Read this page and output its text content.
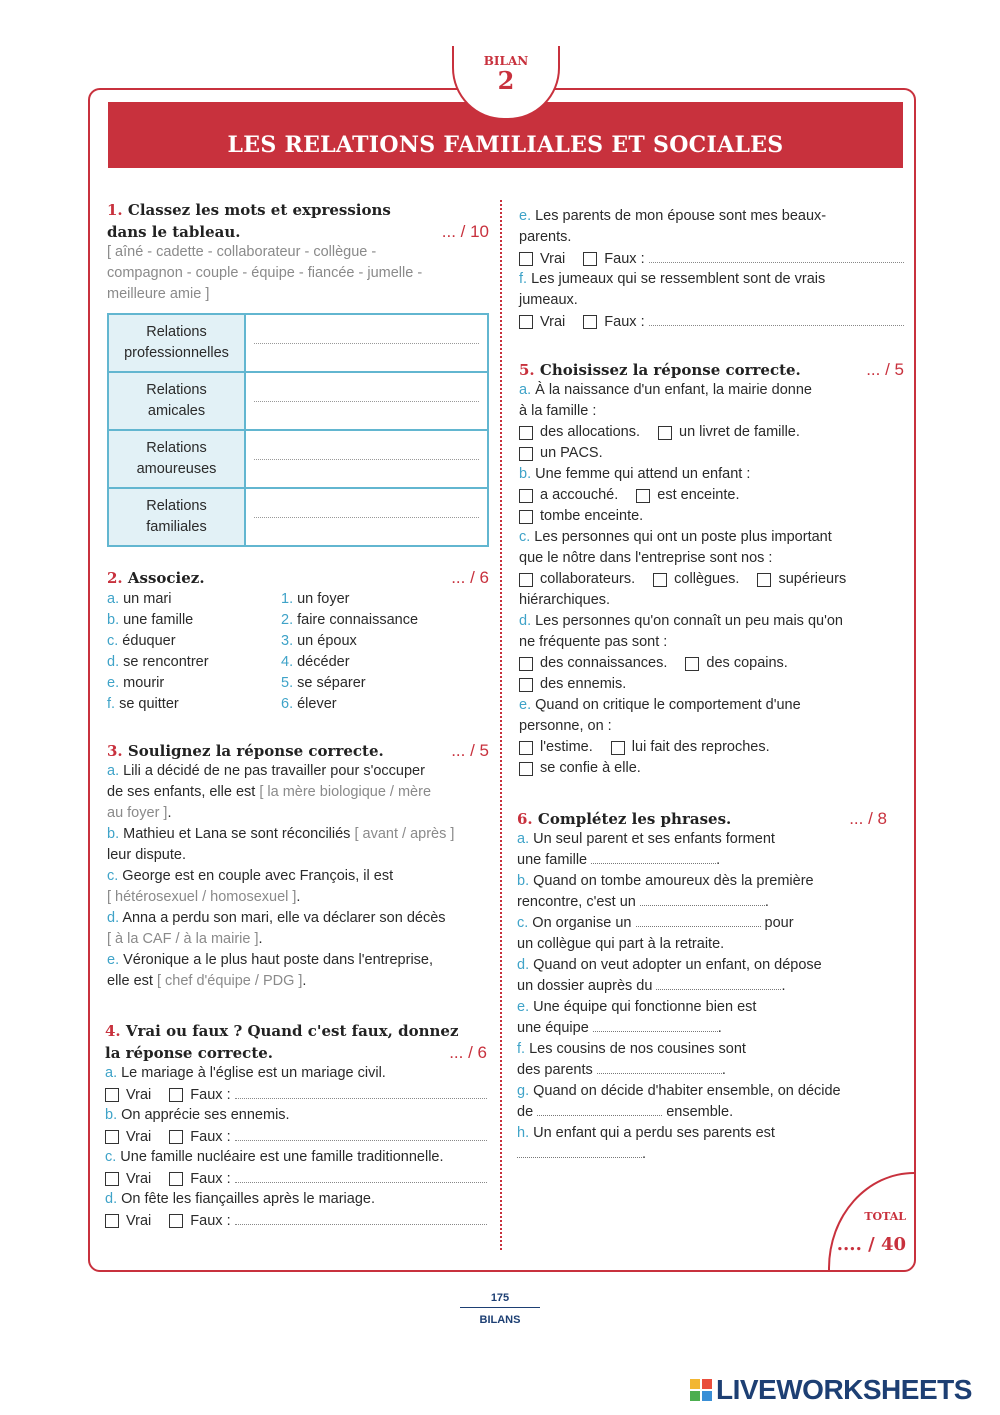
BILAN
2
LES RELATIONS FAMILIALES ET SOCIALES
1. Classez les mots et expressions
dans le tableau.	... / 10
[ aîné - cadette - collaborateur - collègue -
compagnon - couple - équipe - fiancée - jumelle -
meilleure amie ]
Relations
professionnelles	

Relations
amicales	

Relations
amoureuses	

Relations
familiales	

2. Associez.	... / 6
a. un mari
b. une famille
c. éduquer
d. se rencontrer
e. mourir
f. se quitter
1. un foyer
2. faire connaissance
3. un époux
4. décéder
5. se séparer
6. élever
3. Soulignez la réponse correcte.	... / 5
a. Lili a décidé de ne pas travailler pour s'occuper
de ses enfants, elle est [ la mère biologique / mère
au foyer ] .
b. Mathieu et Lana se sont réconciliés [ avant / après ]
leur dispute.
c. George est en couple avec François, il est
[ hétérosexuel / homosexuel ] .
d. Anna a perdu son mari, elle va déclarer son décès
[ à la CAF / à la mairie ] .
e. Véronique a le plus haut poste dans l'entreprise,
elle est [ chef d'équipe / PDG ] .
4. Vrai ou faux ? Quand c'est faux, donnez
la réponse correcte.	... / 6
a. Le mariage à l'église est un mariage civil.
Vrai Faux :
b. On apprécie ses ennemis.
Vrai Faux :
c. Une famille nucléaire est une famille traditionnelle.
Vrai Faux :
d. On fête les fiançailles après le mariage.
Vrai Faux :
e. Les parents de mon épouse sont mes beaux-
parents.
Vrai Faux :
f. Les jumeaux qui se ressemblent sont de vrais
jumeaux.
Vrai Faux :
5. Choisissez la réponse correcte.	... / 5
a. À la naissance d'un enfant, la mairie donne
à la famille :
des allocations. un livret de famille.
un PACS.
b. Une femme qui attend un enfant :
a accouché. est enceinte.
tombe enceinte.
c. Les personnes qui ont un poste plus important
que le nôtre dans l'entreprise sont nos :
collaborateurs. collègues. supérieurs
hiérarchiques.
d. Les personnes qu'on connaît un peu mais qu'on
ne fréquente pas sont :
des connaissances. des copains.
des ennemis.
e. Quand on critique le comportement d'une
personne, on :
l'estime. lui fait des reproches.
se confie à elle.
6. Complétez les phrases.	... / 8
a. Un seul parent et ses enfants forment
une famille	.
b. Quand on tombe amoureux dès la première
rencontre, c'est un	.
c. On organise un	pour
un collègue qui part à la retraite.
d. Quand on veut adopter un enfant, on dépose
un dossier auprès du	.
e. Une équipe qui fonctionne bien est
une équipe	.
f. Les cousins de nos cousines sont
des parents	.
g. Quand on décide d'habiter ensemble, on décide
de	ensemble.
h. Un enfant qui a perdu ses parents est
.
TOTAL
.... / 40
175
BILANS
LIVEWORKSHEETS
